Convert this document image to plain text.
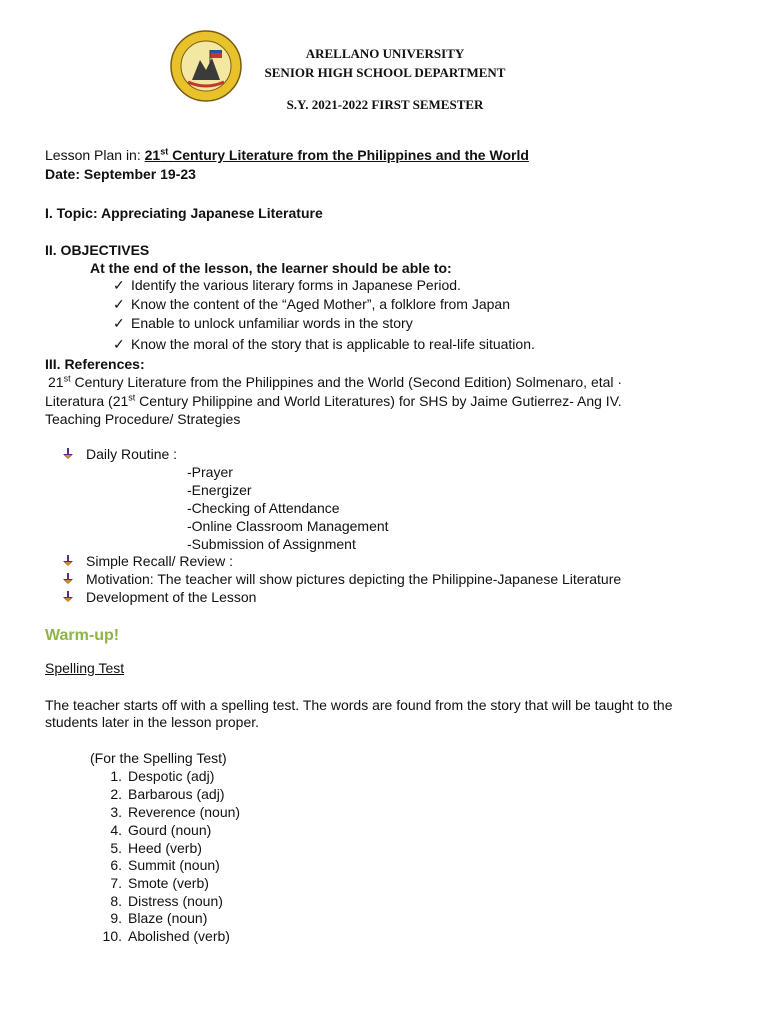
ARELLANO UNIVERSITY
SENIOR HIGH SCHOOL DEPARTMENT
S.Y. 2021-2022 FIRST SEMESTER
Lesson Plan in: 21st Century Literature from the Philippines and the World
Date: September 19-23
I. Topic: Appreciating Japanese Literature
II. OBJECTIVES
At the end of the lesson, the learner should be able to:
✓ Identify the various literary forms in Japanese Period.
✓ Know the content of the “Aged Mother”, a folklore from Japan
✓ Enable to unlock unfamiliar words in the story
✓ Know the moral of the story that is applicable to real-life situation.
III. References:
21st Century Literature from the Philippines and the World (Second Edition) Solmenaro, etal ·
Literatura (21st Century Philippine and World Literatures) for SHS by Jaime Gutierrez- Ang IV.
Teaching Procedure/ Strategies
Daily Routine :
-Prayer
-Energizer
-Checking of Attendance
-Online Classroom Management
-Submission of Assignment
Simple Recall/ Review :
Motivation: The teacher will show pictures depicting the Philippine-Japanese Literature
Development of the Lesson
Warm-up!
Spelling Test
The teacher starts off with a spelling test. The words are found from the story that will be taught to the
students later in the lesson proper.
(For the Spelling Test)
1. Despotic (adj)
2. Barbarous (adj)
3. Reverence (noun)
4. Gourd (noun)
5. Heed (verb)
6. Summit (noun)
7. Smote (verb)
8. Distress (noun)
9. Blaze (noun)
10. Abolished (verb)
